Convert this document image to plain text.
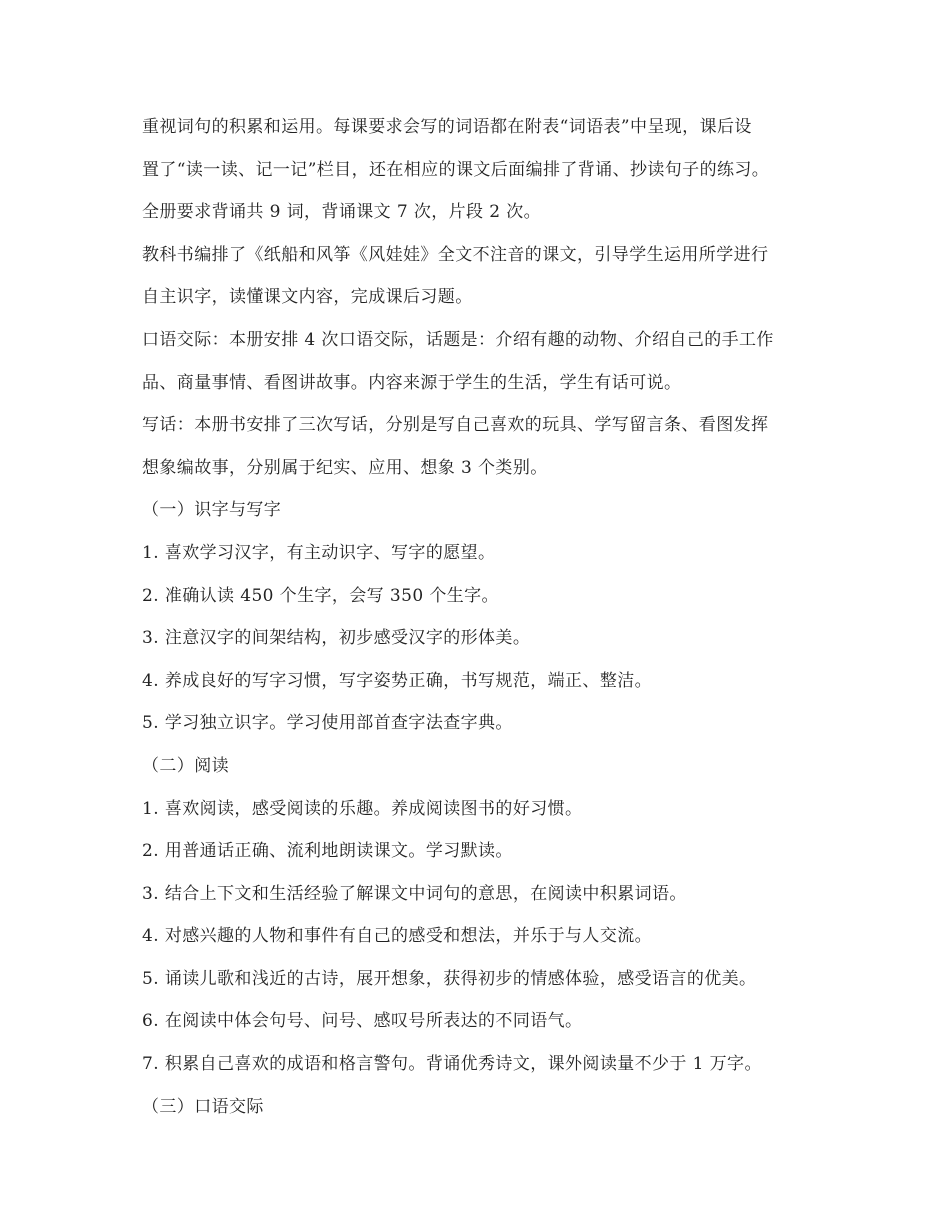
重视词句的积累和运用。每课要求会写的词语都在附表“词语表”中呈现，课后设
置了“读一读、记一记”栏目，还在相应的课文后面编排了背诵、抄读句子的练习。
全册要求背诵共 9 词，背诵课文 7 次，片段 2 次。
教科书编排了《纸船和风筝《风娃娃》全文不注音的课文，引导学生运用所学进行
自主识字，读懂课文内容，完成课后习题。
口语交际：本册安排 4 次口语交际，话题是：介绍有趣的动物、介绍自己的手工作
品、商量事情、看图讲故事。内容来源于学生的生活，学生有话可说。
写话：本册书安排了三次写话，分别是写自己喜欢的玩具、学写留言条、看图发挥
想象编故事，分别属于纪实、应用、想象 3 个类别。
（一）识字与写字
1. 喜欢学习汉字，有主动识字、写字的愿望。
2. 准确认读 450 个生字，会写 350 个生字。
3. 注意汉字的间架结构，初步感受汉字的形体美。
4. 养成良好的写字习惯，写字姿势正确，书写规范，端正、整洁。
5. 学习独立识字。学习使用部首查字法查字典。
（二）阅读
1. 喜欢阅读，感受阅读的乐趣。养成阅读图书的好习惯。
2. 用普通话正确、流利地朗读课文。学习默读。
3. 结合上下文和生活经验了解课文中词句的意思，在阅读中积累词语。
4. 对感兴趣的人物和事件有自己的感受和想法，并乐于与人交流。
5. 诵读儿歌和浅近的古诗，展开想象，获得初步的情感体验，感受语言的优美。
6. 在阅读中体会句号、问号、感叹号所表达的不同语气。
7. 积累自己喜欢的成语和格言警句。背诵优秀诗文，课外阅读量不少于 1 万字。
（三）口语交际
